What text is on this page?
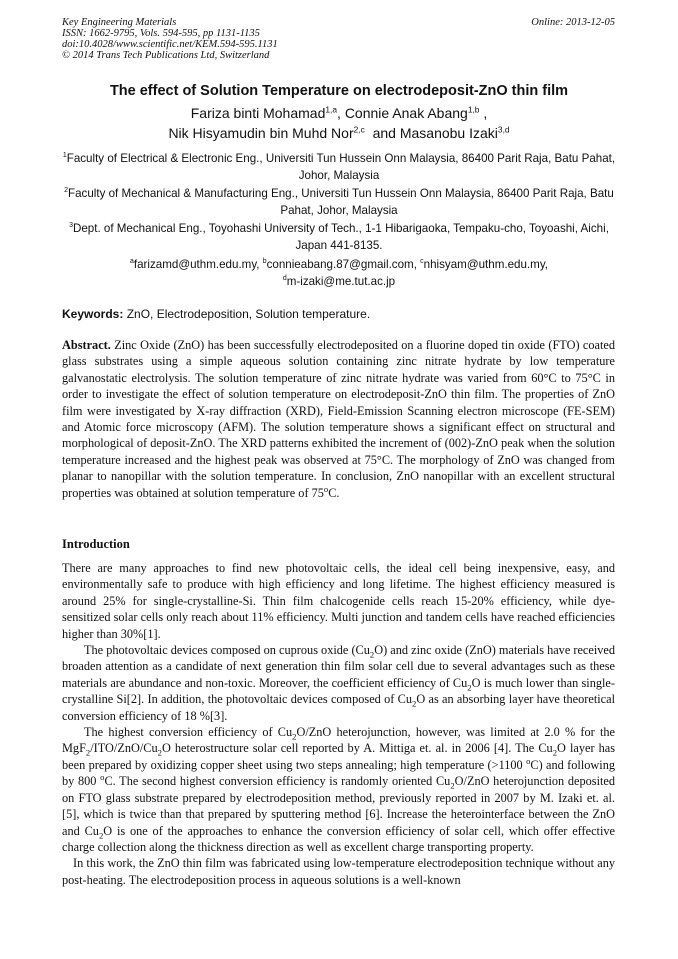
Key Engineering Materials
ISSN: 1662-9795, Vols. 594-595, pp 1131-1135
doi:10.4028/www.scientific.net/KEM.594-595.1131
© 2014 Trans Tech Publications Ltd, Switzerland
Online: 2013-12-05
The effect of Solution Temperature on electrodeposit-ZnO thin film
Fariza binti Mohamad$^{1,a}$, Connie Anak Abang$^{1,b}$ ,
Nik Hisyamudin bin Muhd Nor$^{2,c}$  and Masanobu Izaki$^{3,d}$
$^1$Faculty of Electrical & Electronic Eng., Universiti Tun Hussein Onn Malaysia, 86400 Parit Raja, Batu Pahat, Johor, Malaysia
$^2$Faculty of Mechanical & Manufacturing Eng., Universiti Tun Hussein Onn Malaysia, 86400 Parit Raja, Batu Pahat, Johor, Malaysia
$^3$Dept. of Mechanical Eng., Toyohashi University of Tech., 1-1 Hibarigaoka, Tempaku-cho, Toyoashi, Aichi, Japan 441-8135.
$^a$farizamd@uthm.edu.my, $^b$connieabang.87@gmail.com, $^c$nhisyam@uthm.edu.my,
$^d$m-izaki@me.tut.ac.jp
Keywords: ZnO, Electrodeposition, Solution temperature.
Abstract. Zinc Oxide (ZnO) has been successfully electrodeposited on a fluorine doped tin oxide (FTO) coated glass substrates using a simple aqueous solution containing zinc nitrate hydrate by low temperature galvanostatic electrolysis. The solution temperature of zinc nitrate hydrate was varied from 60°C to 75°C in order to investigate the effect of solution temperature on electrodeposit-ZnO thin film. The properties of ZnO film were investigated by X-ray diffraction (XRD), Field-Emission Scanning electron microscope (FE-SEM) and Atomic force microscopy (AFM). The solution temperature shows a significant effect on structural and morphological of deposit-ZnO. The XRD patterns exhibited the increment of (002)-ZnO peak when the solution temperature increased and the highest peak was observed at 75°C. The morphology of ZnO was changed from planar to nanopillar with the solution temperature. In conclusion, ZnO nanopillar with an excellent structural properties was obtained at solution temperature of 75$^o$C.
Introduction

There are many approaches to find new photovoltaic cells, the ideal cell being inexpensive, easy, and environmentally safe to produce with high efficiency and long lifetime. The highest efficiency measured is around 25% for single-crystalline-Si. Thin film chalcogenide cells reach 15-20% efficiency, while dye-sensitized solar cells only reach about 11% efficiency. Multi junction and tandem cells have reached efficiencies higher than 30%[1].

The photovoltaic devices composed on cuprous oxide $(Cu_2O)$ and zinc oxide (ZnO) materials have received broaden attention as a candidate of next generation thin film solar cell due to several advantages such as these materials are abundance and non-toxic. Moreover, the coefficient efficiency of $Cu_2O$ is much lower than single-crystalline Si[2]. In addition, the photovoltaic devices composed of $Cu_2O$ as an absorbing layer have theoretical conversion efficiency of 18 %[3].

The highest conversion efficiency of $Cu_2O$/ZnO heterojunction, however, was limited at 2.0 % for the $MgF_2/ITO/ZnO/Cu_2O$ heterostructure solar cell reported by A. Mittiga et. al. in 2006 [4]. The $Cu_2O$ layer has been prepared by oxidizing copper sheet using two steps annealing; high temperature (>1100 $^o$C) and following by 800 $^o$C. The second highest conversion efficiency is randomly oriented $Cu_2O$/ZnO heterojunction deposited on FTO glass substrate prepared by electrodeposition method, previously reported in 2007 by M. Izaki et. al. [5], which is twice than that prepared by sputtering method [6]. Increase the heterointerface between the ZnO and $Cu_2O$ is one of the approaches to enhance the conversion efficiency of solar cell, which offer effective charge collection along the thickness direction as well as excellent charge transporting property.

In this work, the ZnO thin film was fabricated using low-temperature electrodeposition technique without any post-heating. The electrodeposition process in aqueous solutions is a well-known
